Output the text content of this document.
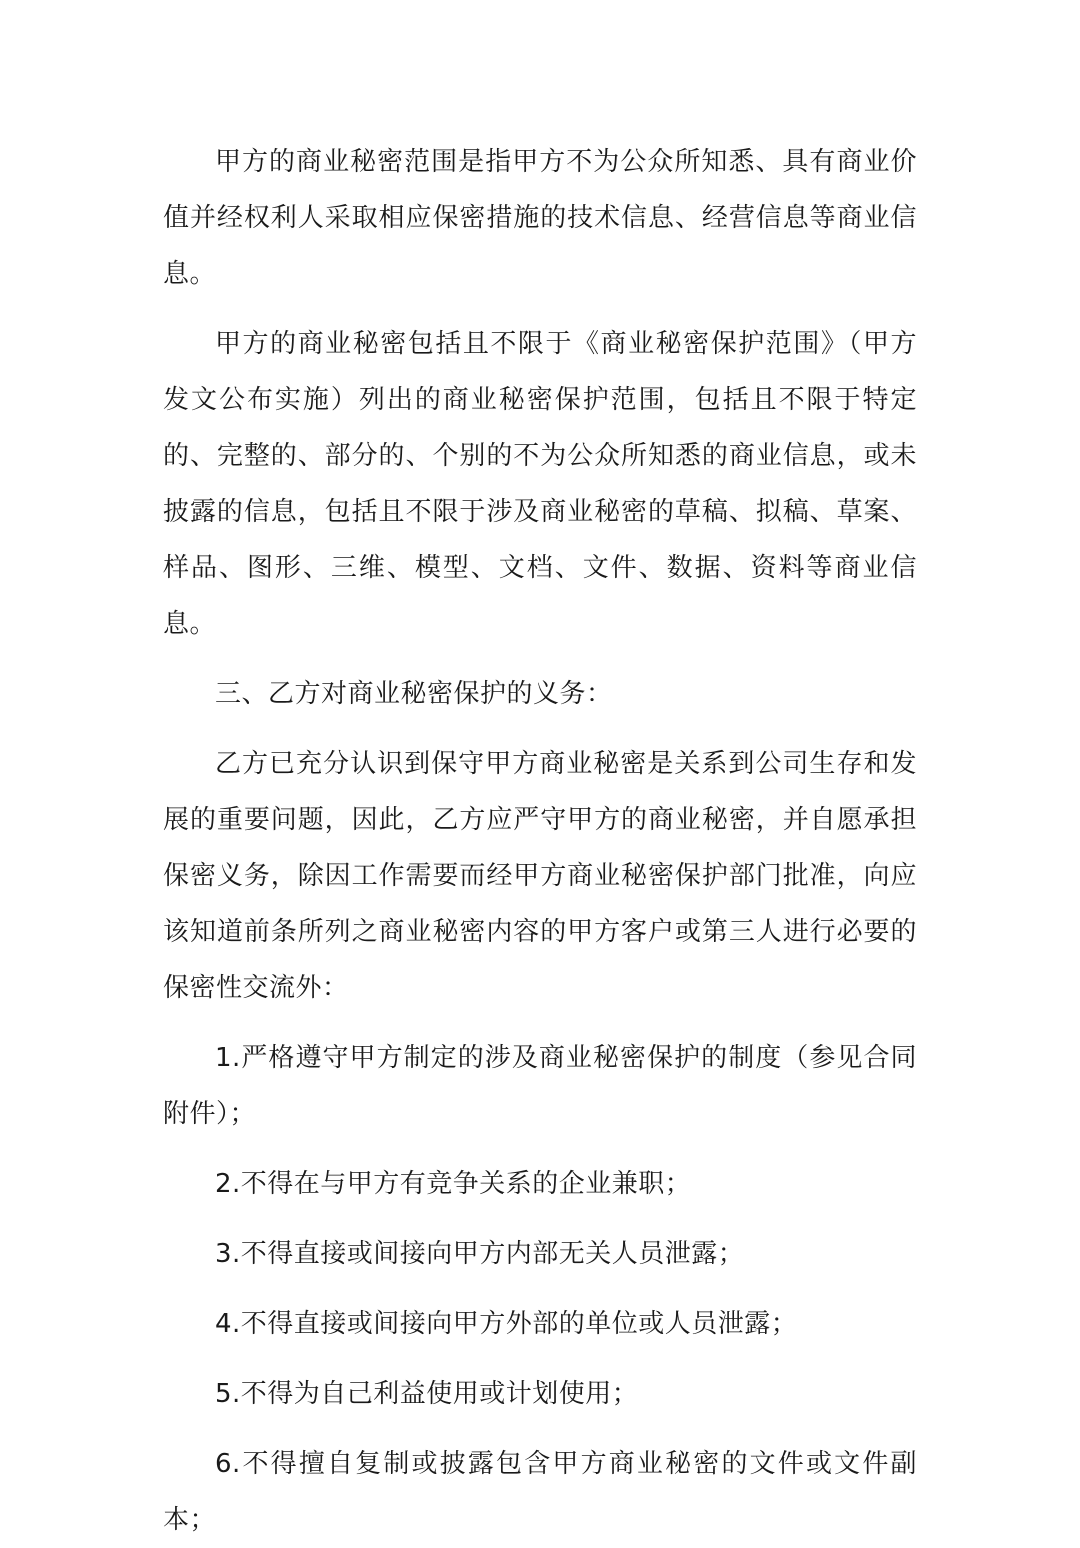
甲方的商业秘密范围是指甲方不为公众所知悉、具有商业价值并经权利人采取相应保密措施的技术信息、经营信息等商业信息。

甲方的商业秘密包括且不限于《商业秘密保护范围》（甲方发文公布实施）列出的商业秘密保护范围，包括且不限于特定的、完整的、部分的、个别的不为公众所知悉的商业信息，或未披露的信息，包括且不限于涉及商业秘密的草稿、拟稿、草案、样品、图形、三维、模型、文档、文件、数据、资料等商业信息。

三、乙方对商业秘密保护的义务：

乙方已充分认识到保守甲方商业秘密是关系到公司生存和发展的重要问题，因此，乙方应严守甲方的商业秘密，并自愿承担保密义务，除因工作需要而经甲方商业秘密保护部门批准，向应该知道前条所列之商业秘密内容的甲方客户或第三人进行必要的保密性交流外：

1.严格遵守甲方制定的涉及商业秘密保护的制度（参见合同附件）；

2.不得在与甲方有竞争关系的企业兼职；

3.不得直接或间接向甲方内部无关人员泄露；

4.不得直接或间接向甲方外部的单位或人员泄露；

5.不得为自己利益使用或计划使用；

6.不得擅自复制或披露包含甲方商业秘密的文件或文件副本；
